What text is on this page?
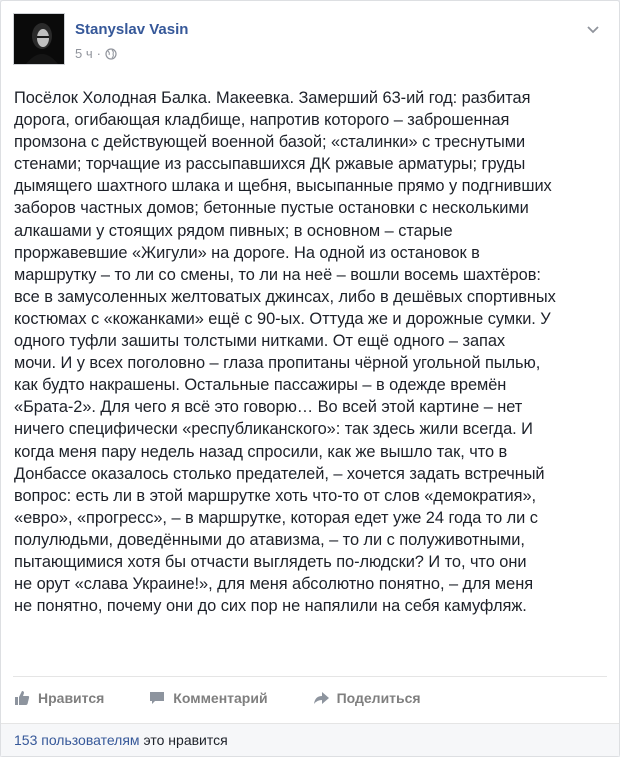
Stanyslav Vasin
5 ч ·
Посёлок Холодная Балка. Макеевка. Замерший 63-ий год: разбитая
дорога, огибающая кладбище, напротив которого – заброшенная
промзона с действующей военной базой; «сталинки» с треснутыми
стенами; торчащие из рассыпавшихся ДК ржавые арматуры; груды
дымящего шахтного шлака и щебня, высыпанные прямо у подгнивших
заборов частных домов; бетонные пустые остановки с несколькими
алкашами у стоящих рядом пивных; в основном – старые
проржавевшие «Жигули» на дороге. На одной из остановок в
маршрутку – то ли со смены, то ли на неё – вошли восемь шахтёров:
все в замусоленных желтоватых джинсах, либо в дешёвых спортивных
костюмах с «кожанками» ещё с 90-ых. Оттуда же и дорожные сумки. У
одного туфли зашиты толстыми нитками. От ещё одного – запах
мочи. И у всех поголовно – глаза пропитаны чёрной угольной пылью,
как будто накрашены. Остальные пассажиры – в одежде времён
«Брата-2». Для чего я всё это говорю… Во всей этой картине – нет
ничего специфически «республиканского»: так здесь жили всегда. И
когда меня пару недель назад спросили, как же вышло так, что в
Донбассе оказалось столько предателей, – хочется задать встречный
вопрос: есть ли в этой маршрутке хоть что-то от слов «демократия»,
«евро», «прогресс», – в маршрутке, которая едет уже 24 года то ли с
полулюдьми, доведёнными до атавизма, – то ли с полуживотными,
пытающимися хотя бы отчасти выглядеть по-людски? И то, что они
не орут «слава Украине!», для меня абсолютно понятно, – для меня
не понятно, почему они до сих пор не напялили на себя камуфляж.
Нравится	Комментарий	Поделиться
153 пользователям это нравится
